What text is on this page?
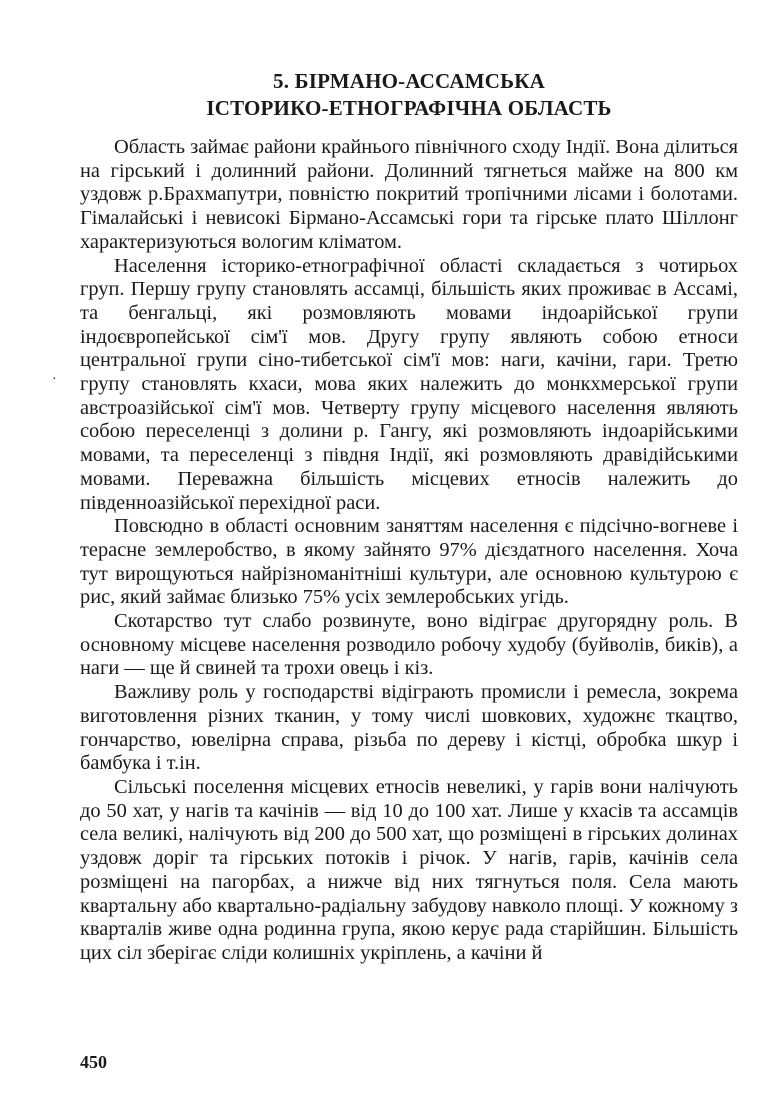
5. БІРМАНО-АССАМСЬКА
ІСТОРИКО-ЕТНОГРАФІЧНА ОБЛАСТЬ
·

Область займає райони крайнього північного сходу Індії. Вона ділиться на гірський і долинний райони. Долинний тягнеться майже на 800 км уздовж р.Брахмапутри, повністю покритий тропічними лісами і болотами. Гімалайські і невисокі Бірмано-Ассамські гори та гірське плато Шіллонг характеризуються вологим кліматом.

Населення історико-етнографічної області складається з чотирьох груп. Першу групу становлять ассамці, більшість яких проживає в Ассамі, та бенгальці, які розмовляють мовами індоарійської групи індоєвропейської сім'ї мов. Другу групу являють собою етноси центральної групи сіно-тибетської сім'ї мов: наги, качіни, гари. Третю групу становлять кхаси, мова яких належить до монкхмерської групи австроазійської сім'ї мов. Четверту групу місцевого населення являють собою переселенці з долини р. Гангу, які розмовляють індоарійськими мовами, та переселенці з півдня Індії, які розмовляють дравідійськими мовами. Переважна більшість місцевих етносів належить до південноазійської перехідної раси.

Повсюдно в області основним заняттям населення є підсічно-вогневе і терасне землеробство, в якому зайнято 97% дієздатного населення. Хоча тут вирощуються найрізноманітніші культури, але основною культурою є рис, який займає близько 75% усіх землеробських угідь.

Скотарство тут слабо розвинуте, воно відіграє другорядну роль. В основному місцеве населення розводило робочу худобу (буйволів, биків), а наги — ще й свиней та трохи овець і кіз.

Важливу роль у господарстві відіграють промисли і ремесла, зокрема виготовлення різних тканин, у тому числі шовкових, художнє ткацтво, гончарство, ювелірна справа, різьба по дереву і кістці, обробка шкур і бамбука і т.ін.

Сільські поселення місцевих етносів невеликі, у гарів вони налічують до 50 хат, у нагів та качінів — від 10 до 100 хат. Лише у кхасів та ассамців села великі, налічують від 200 до 500 хат, що розміщені в гірських долинах уздовж доріг та гірських потоків і річок. У нагів, гарів, качінів села розміщені на пагорбах, а нижче від них тягнуться поля. Села мають квартальну або квартально-радіальну забудову навколо площі. У кожному з кварталів живе одна родинна група, якою керує рада старійшин. Більшість цих сіл зберігає сліди колишніх укріплень, а качіни й

450
